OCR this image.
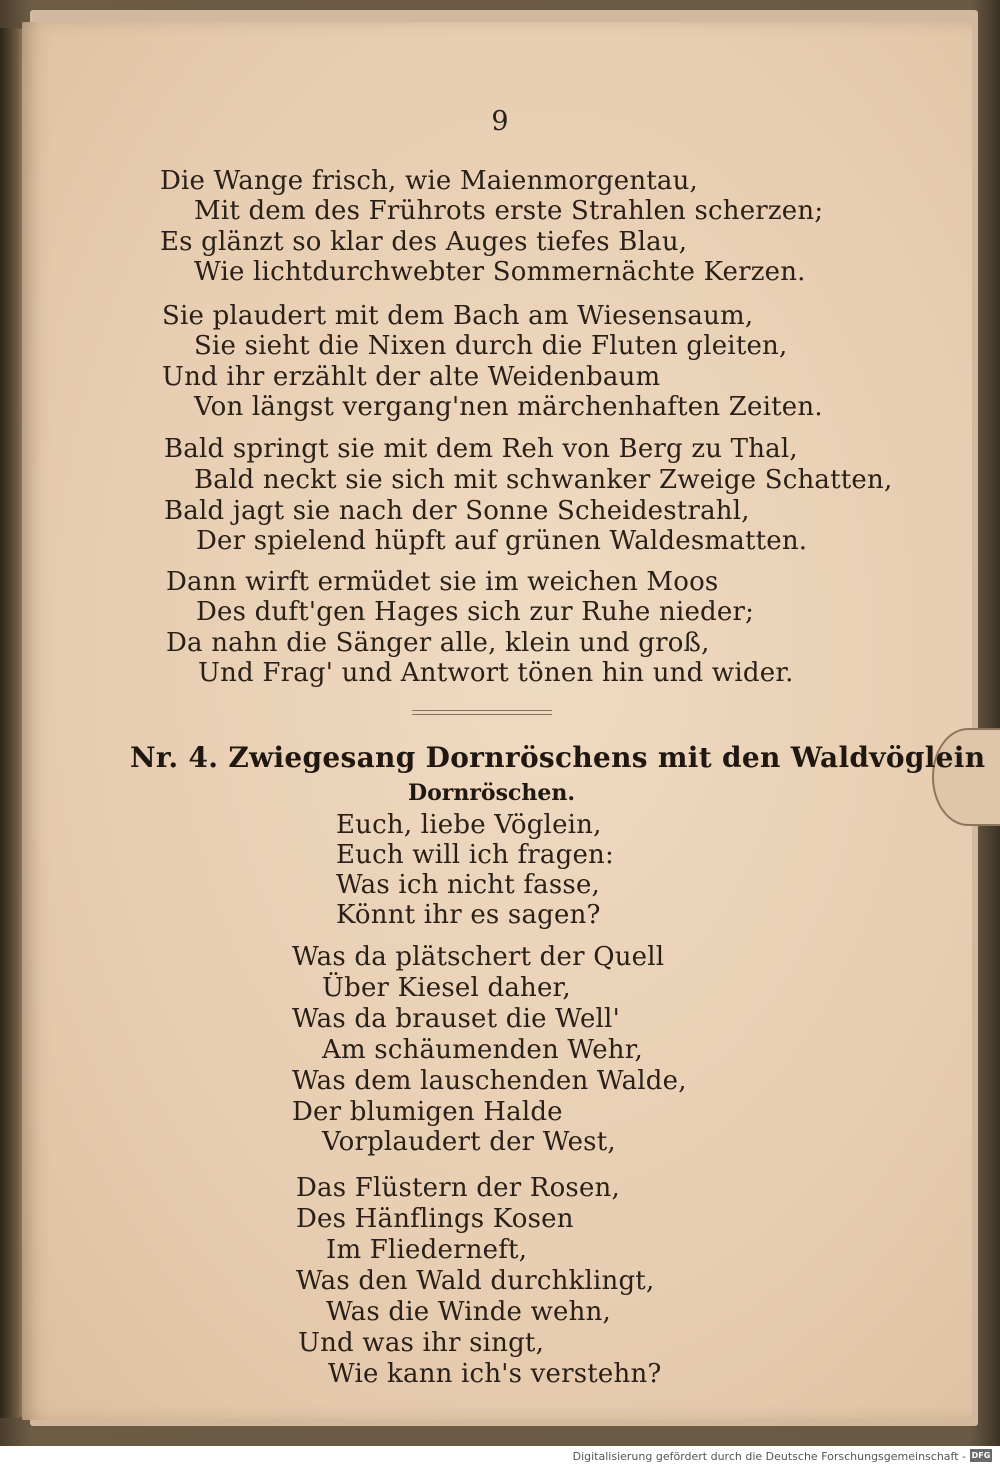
9
Die Wange frisch, wie Maienmorgentau,
Mit dem des Frührots erste Strahlen scherzen;
Es glänzt so klar des Auges tiefes Blau,
Wie lichtdurchwebter Sommernächte Kerzen.
Sie plaudert mit dem Bach am Wiesensaum,
Sie sieht die Nixen durch die Fluten gleiten,
Und ihr erzählt der alte Weidenbaum
Von längst vergang'nen märchenhaften Zeiten.
Bald springt sie mit dem Reh von Berg zu Thal,
Bald neckt sie sich mit schwanker Zweige Schatten,
Bald jagt sie nach der Sonne Scheidestrahl,
Der spielend hüpft auf grünen Waldesmatten.
Dann wirft ermüdet sie im weichen Moos
Des duft'gen Hages sich zur Ruhe nieder;
Da nahn die Sänger alle, klein und groß,
Und Frag' und Antwort tönen hin und wider.
Nr. 4. Zwiegesang Dornröschens mit den Waldvöglein
Dornröschen.
Euch, liebe Vöglein,
Euch will ich fragen:
Was ich nicht fasse,
Könnt ihr es sagen?
Was da plätschert der Quell
Über Kiesel daher,
Was da brauset die Well'
Am schäumenden Wehr,
Was dem lauschenden Walde,
Der blumigen Halde
Vorplaudert der West,
Das Flüstern der Rosen,
Des Hänflings Kosen
Im Fliederneft,
Was den Wald durchklingt,
Was die Winde wehn,
Und was ihr singt,
Wie kann ich's verstehn?
Digitalisierung gefördert durch die Deutsche Forschungsgemeinschaft - DFG
